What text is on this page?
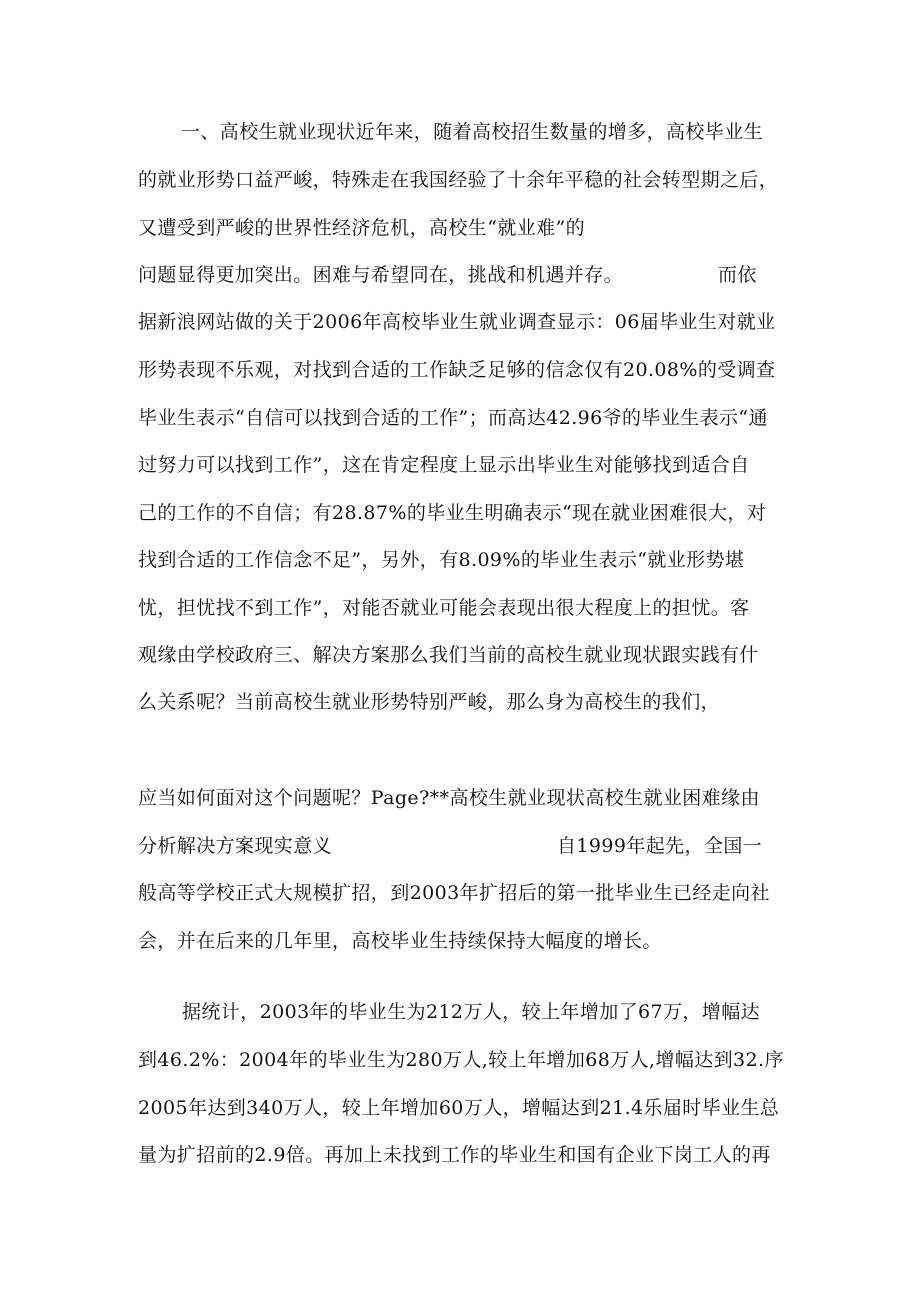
一、高校生就业现状近年来，随着高校招生数量的增多，高校毕业生
的就业形势口益严峻，特殊走在我国经验了十余年平稳的社会转型期之后，
又遭受到严峻的世界性经济危机，高校生“就业难”的
问题显得更加突出。困难与希望同在，挑战和机遇并存。	而依
据新浪网站做的关于2006年高校毕业生就业调查显示：06届毕业生对就业
形势表现不乐观，对找到合适的工作缺乏足够的信念仅有20.08%的受调查
毕业生表示“自信可以找到合适的工作”；而高达42.96爷的毕业生表示“通
过努力可以找到工作”，这在肯定程度上显示出毕业生对能够找到适合自
己的工作的不自信；有28.87%的毕业生明确表示“现在就业困难很大，对
找到合适的工作信念不足”，另外，有8.09%的毕业生表示“就业形势堪
忧，担忧找不到工作”，对能否就业可能会表现出很大程度上的担忧。客
观缘由学校政府三、解决方案那么我们当前的高校生就业现状跟实践有什
么关系呢？当前高校生就业形势特别严峻，那么身为高校生的我们，
应当如何面对这个问题呢？Page?**高校生就业现状高校生就业困难缘由
分析解决方案现实意义	自1999年起先，全国一
般高等学校正式大规模扩招，到2003年扩招后的第一批毕业生已经走向社
会，并在后来的几年里，高校毕业生持续保持大幅度的增长。
据统计，2003年的毕业生为212万人，较上年增加了67万，增幅达
到46.2%：2004年的毕业生为280万人,较上年增加68万人,增幅达到32.序
2005年达到340万人，较上年增加60万人，增幅达到21.4乐届时毕业生总
量为扩招前的2.9倍。再加上未找到工作的毕业生和国有企业下岗工人的再
